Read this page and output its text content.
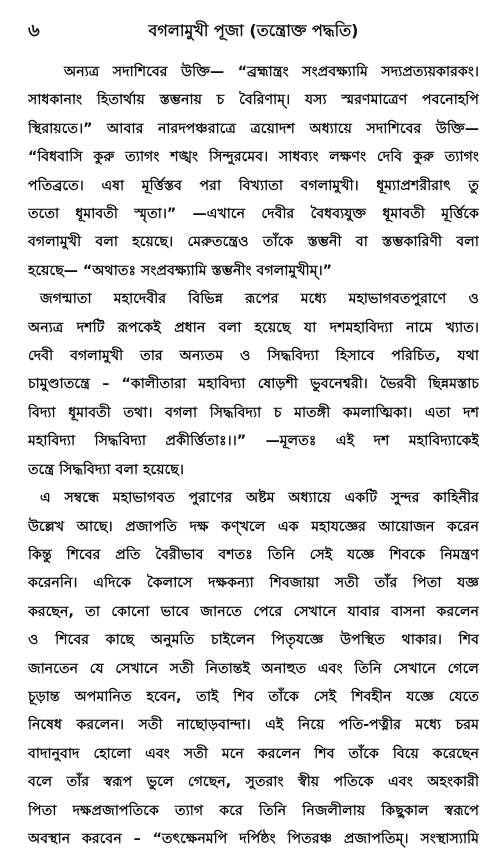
৬	বগলামুখী পূজা (তন্ত্রোক্ত পদ্ধতি)
অন্যত্র সদাশিবের উক্তি— “ব্রহ্মান্ত্রং সংপ্রবক্ষ্যামি সদ্যপ্রত্যয়কারকং।
সাধকানাং হিতার্থায় স্তম্ভনায় চ বৈরিণাম্। যস্য স্মরণমাত্রেণ পবনোহপি
স্থিরায়তে।” আবার নারদপঞ্চরাত্রে ত্রয়োদশ অধ্যায়ে সদাশিবের উক্তি—
“বিধবাসি কুরু ত্যাগং শঙ্খং সিন্দুরমেব। সাধব্যং লক্ষণং দেবি কুরু ত্যাগং
পতিব্রতে। এষা মূর্ত্তিস্তব পরা বিখ্যাতা বগলামুখী। ধূম্যাপ্রশরীরাৎ তু
ততো ধূমাবতী স্মৃতা।” —এখানে দেবীর বৈধব্যযুক্ত ধূমাবতী মূর্ত্তিকে
বগলামুখী বলা হয়েছে। মেরুতন্ত্রেও তাঁকে স্তম্ভনী বা স্তম্ভকারিণী বলা
হয়েছে— “অথাতঃ সংপ্রবক্ষ্যামি স্তম্ভনীং বগলামুখীম্।”
জগন্মাতা মহাদেবীর বিভিন্ন রূপের মধ্যে মহাভাগবতপুরাণে ও
অন্যত্র দশটি রূপকেই প্রধান বলা হয়েছে যা দশমহাবিদ্যা নামে খ্যাত।
দেবী বগলামুখী তার অন্যতম ও সিদ্ধবিদ্যা হিসাবে পরিচিত, যথা
চামুণ্ডাতন্ত্রে – “কালীতারা মহাবিদ্যা ষোড়শী ভুবনেশ্বরী। ভৈরবী ছিন্নমস্তাচ
বিদ্যা ধূমাবতী তথা। বগলা সিদ্ধবিদ্যা চ মাতঙ্গী কমলাত্মিকা। এতা দশ
মহাবিদ্যা সিদ্ধবিদ্যা প্রকীর্ত্তিতাঃ।।” —মূলতঃ এই দশ মহাবিদ্যাকেই
তন্ত্রে সিদ্ধবিদ্যা বলা হয়েছে।
এ সম্বন্ধে মহাভাগবত পুরাণের অষ্টম অধ্যায়ে একটি সুন্দর কাহিনীর
উল্লেখ আছে। প্রজাপতি দক্ষ কণ্খলে এক মহাযজ্ঞের আয়োজন করেন
কিন্তু শিবের প্রতি বৈরীভাব বশতঃ তিনি সেই যজ্ঞে শিবকে নিমন্ত্রণ
করেননি। এদিকে কৈলাসে দক্ষকন্যা শিবজায়া সতী তাঁর পিতা যজ্ঞ
করছেন, তা কোনো ভাবে জানতে পেরে সেখানে যাবার বাসনা করলেন
ও শিবের কাছে অনুমতি চাইলেন পিতৃযজ্ঞে উপস্থিত থাকার। শিব
জানতেন যে সেখানে সতী নিতান্তই অনাহুত এবং তিনি সেখানে গেলে
চূড়ান্ত অপমানিত হবেন, তাই শিব তাঁকে সেই শিবহীন যজ্ঞে যেতে
নিষেধ করলেন। সতী নাছোড়বান্দা। এই নিয়ে পতি-পত্নীর মধ্যে চরম
বাদানুবাদ হোলো এবং সতী মনে করলেন শিব তাঁকে বিয়ে করেছেন
বলে তাঁর স্বরূপ ভুলে গেছেন, সুতরাং স্বীয় পতিকে এবং অহংকারী
পিতা দক্ষপ্রজাপতিকে ত্যাগ করে তিনি নিজলীলায় কিছুকাল স্বরূপে
অবস্থান করবেন – “তৎক্ষেনমপি দর্পিষ্ঠং পিতরঞ্চ প্রজাপতিম্। সংস্থাস্যামি
